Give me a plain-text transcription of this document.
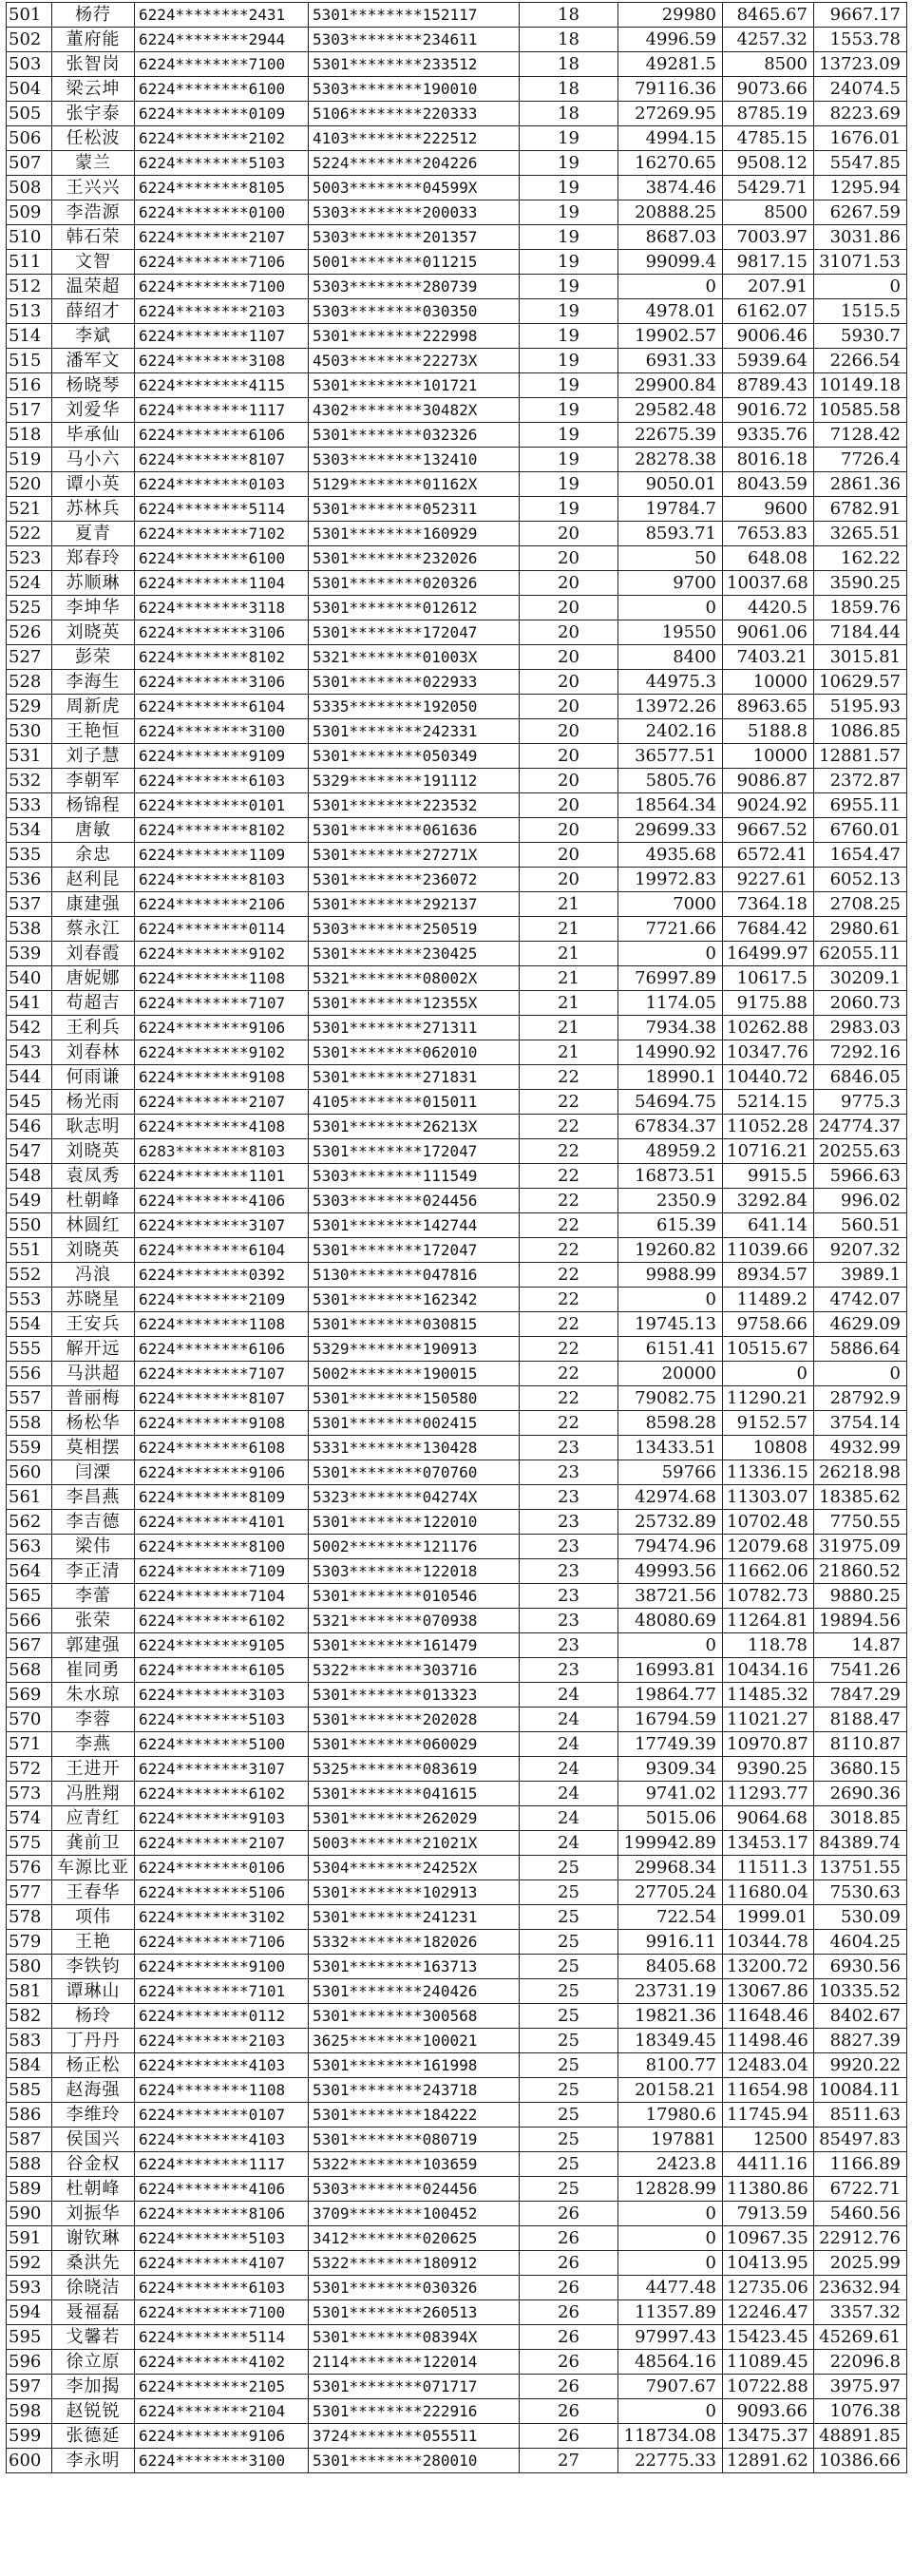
501	杨荇	6224********2431	5301********152117	18	29980	8465.67	9667.17
502	董府能	6224********2944	5303********234611	18	4996.59	4257.32	1553.78
503	张智岗	6224********7100	5301********233512	18	49281.5	8500	13723.09
504	梁云坤	6224********6100	5303********190010	18	79116.36	9073.66	24074.5
505	张宇泰	6224********0109	5106********220333	18	27269.95	8785.19	8223.69
506	任松波	6224********2102	4103********222512	19	4994.15	4785.15	1676.01
507	蒙兰	6224********5103	5224********204226	19	16270.65	9508.12	5547.85
508	王兴兴	6224********8105	5003********04599X	19	3874.46	5429.71	1295.94
509	李浩源	6224********0100	5303********200033	19	20888.25	8500	6267.59
510	韩石荣	6224********2107	5303********201357	19	8687.03	7003.97	3031.86
511	文智	6224********7106	5001********011215	19	99099.4	9817.15	31071.53
512	温荣超	6224********7100	5303********280739	19	0	207.91	0
513	薛绍才	6224********2103	5303********030350	19	4978.01	6162.07	1515.5
514	李斌	6224********1107	5301********222998	19	19902.57	9006.46	5930.7
515	潘军文	6224********3108	4503********22273X	19	6931.33	5939.64	2266.54
516	杨晓琴	6224********4115	5301********101721	19	29900.84	8789.43	10149.18
517	刘爱华	6224********1117	4302********30482X	19	29582.48	9016.72	10585.58
518	毕承仙	6224********6106	5301********032326	19	22675.39	9335.76	7128.42
519	马小六	6224********8107	5303********132410	19	28278.38	8016.18	7726.4
520	谭小英	6224********0103	5129********01162X	19	9050.01	8043.59	2861.36
521	苏林兵	6224********5114	5301********052311	19	19784.7	9600	6782.91
522	夏青	6224********7102	5301********160929	20	8593.71	7653.83	3265.51
523	郑春玲	6224********6100	5301********232026	20	50	648.08	162.22
524	苏顺琳	6224********1104	5301********020326	20	9700	10037.68	3590.25
525	李坤华	6224********3118	5301********012612	20	0	4420.5	1859.76
526	刘晓英	6224********3106	5301********172047	20	19550	9061.06	7184.44
527	彭荣	6224********8102	5321********01003X	20	8400	7403.21	3015.81
528	李海生	6224********3106	5301********022933	20	44975.3	10000	10629.57
529	周新虎	6224********6104	5335********192050	20	13972.26	8963.65	5195.93
530	王艳恒	6224********3100	5301********242331	20	2402.16	5188.8	1086.85
531	刘子慧	6224********9109	5301********050349	20	36577.51	10000	12881.57
532	李朝军	6224********6103	5329********191112	20	5805.76	9086.87	2372.87
533	杨锦程	6224********0101	5301********223532	20	18564.34	9024.92	6955.11
534	唐敏	6224********8102	5301********061636	20	29699.33	9667.52	6760.01
535	余忠	6224********1109	5301********27271X	20	4935.68	6572.41	1654.47
536	赵利昆	6224********8103	5301********236072	20	19972.83	9227.61	6052.13
537	康建强	6224********2106	5301********292137	21	7000	7364.18	2708.25
538	蔡永江	6224********0114	5303********250519	21	7721.66	7684.42	2980.61
539	刘春霞	6224********9102	5301********230425	21	0	16499.97	62055.11
540	唐妮娜	6224********1108	5321********08002X	21	76997.89	10617.5	30209.1
541	苟超吉	6224********7107	5301********12355X	21	1174.05	9175.88	2060.73
542	王利兵	6224********9106	5301********271311	21	7934.38	10262.88	2983.03
543	刘春林	6224********9102	5301********062010	21	14990.92	10347.76	7292.16
544	何雨谦	6224********9108	5301********271831	22	18990.1	10440.72	6846.05
545	杨光雨	6224********2107	4105********015011	22	54694.75	5214.15	9775.3
546	耿志明	6224********4108	5301********26213X	22	67834.37	11052.28	24774.37
547	刘晓英	6283********8103	5301********172047	22	48959.2	10716.21	20255.63
548	袁凤秀	6224********1101	5303********111549	22	16873.51	9915.5	5966.63
549	杜朝峰	6224********4106	5303********024456	22	2350.9	3292.84	996.02
550	林圆红	6224********3107	5301********142744	22	615.39	641.14	560.51
551	刘晓英	6224********6104	5301********172047	22	19260.82	11039.66	9207.32
552	冯浪	6224********0392	5130********047816	22	9988.99	8934.57	3989.1
553	苏晓星	6224********2109	5301********162342	22	0	11489.2	4742.07
554	王安兵	6224********1108	5301********030815	22	19745.13	9758.66	4629.09
555	解开远	6224********6106	5329********190913	22	6151.41	10515.67	5886.64
556	马洪超	6224********7107	5002********190015	22	20000	0	0
557	普丽梅	6224********8107	5301********150580	22	79082.75	11290.21	28792.9
558	杨松华	6224********9108	5301********002415	22	8598.28	9152.57	3754.14
559	莫相摆	6224********6108	5331********130428	23	13433.51	10808	4932.99
560	闫溧	6224********9106	5301********070760	23	59766	11336.15	26218.98
561	李昌燕	6224********8109	5323********04274X	23	42974.68	11303.07	18385.62
562	李吉德	6224********4101	5301********122010	23	25732.89	10702.48	7750.55
563	梁伟	6224********8100	5002********121176	23	79474.96	12079.68	31975.09
564	李正清	6224********7109	5303********122018	23	49993.56	11662.06	21860.52
565	李蕾	6224********7104	5301********010546	23	38721.56	10782.73	9880.25
566	张荣	6224********6102	5321********070938	23	48080.69	11264.81	19894.56
567	郭建强	6224********9105	5301********161479	23	0	118.78	14.87
568	崔同勇	6224********6105	5322********303716	23	16993.81	10434.16	7541.26
569	朱水琼	6224********3103	5301********013323	24	19864.77	11485.32	7847.29
570	李蓉	6224********5103	5301********202028	24	16794.59	11021.27	8188.47
571	李燕	6224********5100	5301********060029	24	17749.39	10970.87	8110.87
572	王进开	6224********3107	5325********083619	24	9309.34	9390.25	3680.15
573	冯胜翔	6224********6102	5301********041615	24	9741.02	11293.77	2690.36
574	应青红	6224********9103	5301********262029	24	5015.06	9064.68	3018.85
575	龚前卫	6224********2107	5003********21021X	24	199942.89	13453.17	84389.74
576	车源比亚	6224********0106	5304********24252X	25	29968.34	11511.3	13751.55
577	王春华	6224********5106	5301********102913	25	27705.24	11680.04	7530.63
578	项伟	6224********3102	5301********241231	25	722.54	1999.01	530.09
579	王艳	6224********7106	5332********182026	25	9916.11	10344.78	4604.25
580	李铁钧	6224********9100	5301********163713	25	8405.68	13200.72	6930.56
581	谭琳山	6224********7101	5301********240426	25	23731.19	13067.86	10335.52
582	杨玲	6224********0112	5301********300568	25	19821.36	11648.46	8402.67
583	丁丹丹	6224********2103	3625********100021	25	18349.45	11498.46	8827.39
584	杨正松	6224********4103	5301********161998	25	8100.77	12483.04	9920.22
585	赵海强	6224********1108	5301********243718	25	20158.21	11654.98	10084.11
586	李维玲	6224********0107	5301********184222	25	17980.6	11745.94	8511.63
587	侯国兴	6224********4103	5301********080719	25	197881	12500	85497.83
588	谷金权	6224********1117	5322********103659	25	2423.8	4411.16	1166.89
589	杜朝峰	6224********4106	5303********024456	25	12828.99	11380.86	6722.71
590	刘振华	6224********8106	3709********100452	26	0	7913.59	5460.56
591	谢钦琳	6224********5103	3412********020625	26	0	10967.35	22912.76
592	桑洪先	6224********4107	5322********180912	26	0	10413.95	2025.99
593	徐晓洁	6224********6103	5301********030326	26	4477.48	12735.06	23632.94
594	聂福磊	6224********7100	5301********260513	26	11357.89	12246.47	3357.32
595	戈馨若	6224********5114	5301********08394X	26	97997.43	15423.45	45269.61
596	徐立原	6224********4102	2114********122014	26	48564.16	11089.45	22096.8
597	李加揭	6224********2105	5301********071717	26	7907.67	10722.88	3975.97
598	赵锐锐	6224********2104	5301********222916	26	0	9093.66	1076.38
599	张德延	6224********9106	3724********055511	26	118734.08	13475.37	48891.85
600	李永明	6224********3100	5301********280010	27	22775.33	12891.62	10386.66
